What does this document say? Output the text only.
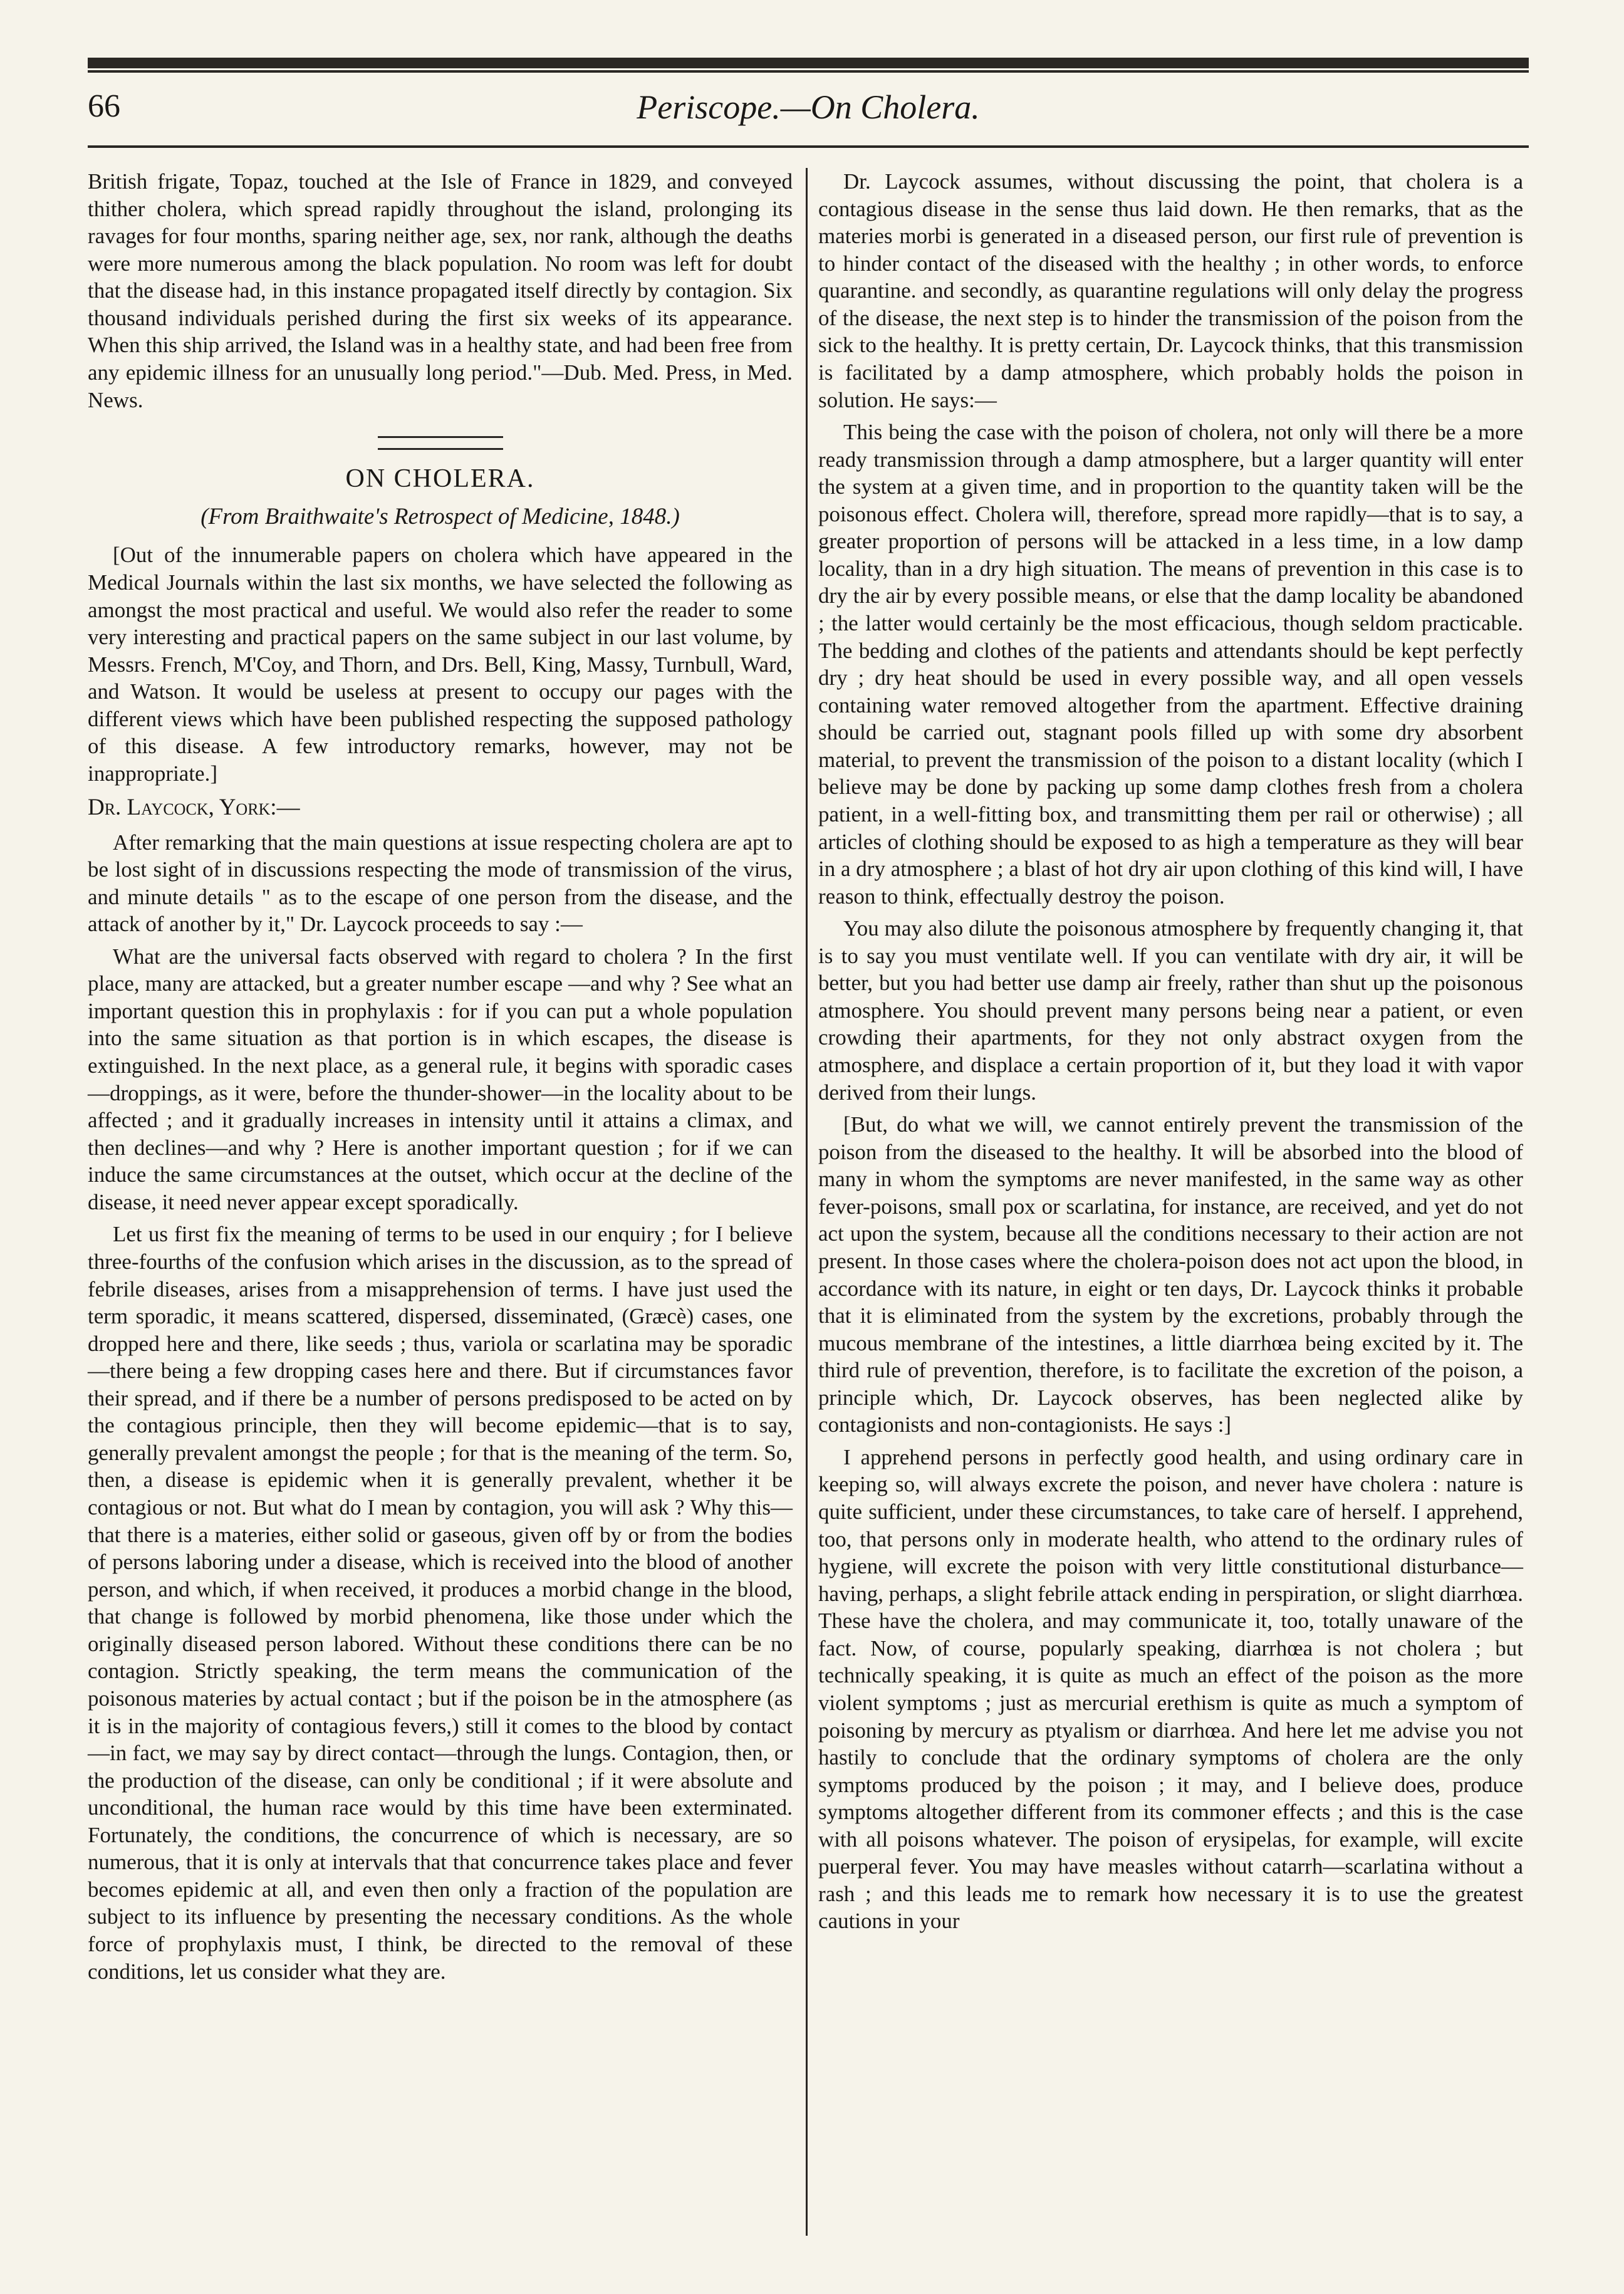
66	Periscope.—On Cholera.

British frigate, Topaz, touched at the Isle of France in 1829, and conveyed thither cholera, which spread rapidly throughout the island, prolonging its ravages for four months, sparing neither age, sex, nor rank, although the deaths were more numerous among the black population. No room was left for doubt that the disease had, in this instance propagated itself directly by contagion. Six thousand individuals perished during the first six weeks of its appearance. When this ship arrived, the Island was in a healthy state, and had been free from any epidemic illness for an unusually long period."—Dub. Med. Press, in Med. News.

ON CHOLERA.
(From Braithwaite's Retrospect of Medicine, 1848.)

[Out of the innumerable papers on cholera which have appeared in the Medical Journals within the last six months, we have selected the following as amongst the most practical and useful. We would also refer the reader to some very interesting and practical papers on the same subject in our last volume, by Messrs. French, M'Coy, and Thorn, and Drs. Bell, King, Massy, Turnbull, Ward, and Watson. It would be useless at present to occupy our pages with the different views which have been published respecting the supposed pathology of this disease. A few introductory remarks, however, may not be inappropriate.]

Dr. Laycock, York:—

After remarking that the main questions at issue respecting cholera are apt to be lost sight of in discussions respecting the mode of transmission of the virus, and minute details " as to the escape of one person from the disease, and the attack of another by it," Dr. Laycock proceeds to say :—

What are the universal facts observed with regard to cholera ? In the first place, many are attacked, but a greater number escape —and why ? See what an important question this in prophylaxis : for if you can put a whole population into the same situation as that portion is in which escapes, the disease is extinguished. In the next place, as a general rule, it begins with sporadic cases—droppings, as it were, before the thunder-shower—in the locality about to be affected ; and it gradually increases in intensity until it attains a climax, and then declines—and why ? Here is another important question ; for if we can induce the same circumstances at the outset, which occur at the decline of the disease, it need never appear except sporadically.

Let us first fix the meaning of terms to be used in our enquiry ; for I believe three-fourths of the confusion which arises in the discussion, as to the spread of febrile diseases, arises from a misapprehension of terms. I have just used the term sporadic, it means scattered, dispersed, disseminated, (Græcè) cases, one dropped here and there, like seeds ; thus, variola or scarlatina may be sporadic—there being a few dropping cases here and there. But if circumstances favor their spread, and if there be a number of persons predisposed to be acted on by the contagious principle, then they will become epidemic—that is to say, generally prevalent amongst the people ; for that is the meaning of the term. So, then, a disease is epidemic when it is generally prevalent, whether it be contagious or not. But what do I mean by contagion, you will ask ? Why this—that there is a materies, either solid or gaseous, given off by or from the bodies of persons laboring under a disease, which is received into the blood of another person, and which, if when received, it produces a morbid change in the blood, that change is followed by morbid phenomena, like those under which the originally diseased person labored. Without these conditions there can be no contagion. Strictly speaking, the term means the communication of the poisonous materies by actual contact ; but if the poison be in the atmosphere (as it is in the majority of contagious fevers,) still it comes to the blood by contact—in fact, we may say by direct contact—through the lungs. Contagion, then, or the production of the disease, can only be conditional ; if it were absolute and unconditional, the human race would by this time have been exterminated. Fortunately, the conditions, the concurrence of which is necessary, are so numerous, that it is only at intervals that that concurrence takes place and fever becomes epidemic at all, and even then only a fraction of the population are subject to its influence by presenting the necessary conditions. As the whole force of prophylaxis must, I think, be directed to the removal of these conditions, let us consider what they are.

Dr. Laycock assumes, without discussing the point, that cholera is a contagious disease in the sense thus laid down. He then remarks, that as the materies morbi is generated in a diseased person, our first rule of prevention is to hinder contact of the diseased with the healthy ; in other words, to enforce quarantine. and secondly, as quarantine regulations will only delay the progress of the disease, the next step is to hinder the transmission of the poison from the sick to the healthy. It is pretty certain, Dr. Laycock thinks, that this transmission is facilitated by a damp atmosphere, which probably holds the poison in solution. He says:—

This being the case with the poison of cholera, not only will there be a more ready transmission through a damp atmosphere, but a larger quantity will enter the system at a given time, and in proportion to the quantity taken will be the poisonous effect. Cholera will, therefore, spread more rapidly—that is to say, a greater proportion of persons will be attacked in a less time, in a low damp locality, than in a dry high situation. The means of prevention in this case is to dry the air by every possible means, or else that the damp locality be abandoned ; the latter would certainly be the most efficacious, though seldom practicable. The bedding and clothes of the patients and attendants should be kept perfectly dry ; dry heat should be used in every possible way, and all open vessels containing water removed altogether from the apartment. Effective draining should be carried out, stagnant pools filled up with some dry absorbent material, to prevent the transmission of the poison to a distant locality (which I believe may be done by packing up some damp clothes fresh from a cholera patient, in a well-fitting box, and transmitting them per rail or otherwise) ; all articles of clothing should be exposed to as high a temperature as they will bear in a dry atmosphere ; a blast of hot dry air upon clothing of this kind will, I have reason to think, effectually destroy the poison.

You may also dilute the poisonous atmosphere by frequently changing it, that is to say you must ventilate well. If you can ventilate with dry air, it will be better, but you had better use damp air freely, rather than shut up the poisonous atmosphere. You should prevent many persons being near a patient, or even crowding their apartments, for they not only abstract oxygen from the atmosphere, and displace a certain proportion of it, but they load it with vapor derived from their lungs.

[But, do what we will, we cannot entirely prevent the transmission of the poison from the diseased to the healthy. It will be absorbed into the blood of many in whom the symptoms are never manifested, in the same way as other fever-poisons, small pox or scarlatina, for instance, are received, and yet do not act upon the system, because all the conditions necessary to their action are not present. In those cases where the cholera-poison does not act upon the blood, in accordance with its nature, in eight or ten days, Dr. Laycock thinks it probable that it is eliminated from the system by the excretions, probably through the mucous membrane of the intestines, a little diarrhœa being excited by it. The third rule of prevention, therefore, is to facilitate the excretion of the poison, a principle which, Dr. Laycock observes, has been neglected alike by contagionists and non-contagionists. He says :]

I apprehend persons in perfectly good health, and using ordinary care in keeping so, will always excrete the poison, and never have cholera : nature is quite sufficient, under these circumstances, to take care of herself. I apprehend, too, that persons only in moderate health, who attend to the ordinary rules of hygiene, will excrete the poison with very little constitutional disturbance—having, perhaps, a slight febrile attack ending in perspiration, or slight diarrhœa. These have the cholera, and may communicate it, too, totally unaware of the fact. Now, of course, popularly speaking, diarrhœa is not cholera ; but technically speaking, it is quite as much an effect of the poison as the more violent symptoms ; just as mercurial erethism is quite as much a symptom of poisoning by mercury as ptyalism or diarrhœa. And here let me advise you not hastily to conclude that the ordinary symptoms of cholera are the only symptoms produced by the poison ; it may, and I believe does, produce symptoms altogether different from its commoner effects ; and this is the case with all poisons whatever. The poison of erysipelas, for example, will excite puerperal fever. You may have measles without catarrh—scarlatina without a rash ; and this leads me to remark how necessary it is to use the greatest cautions in your
